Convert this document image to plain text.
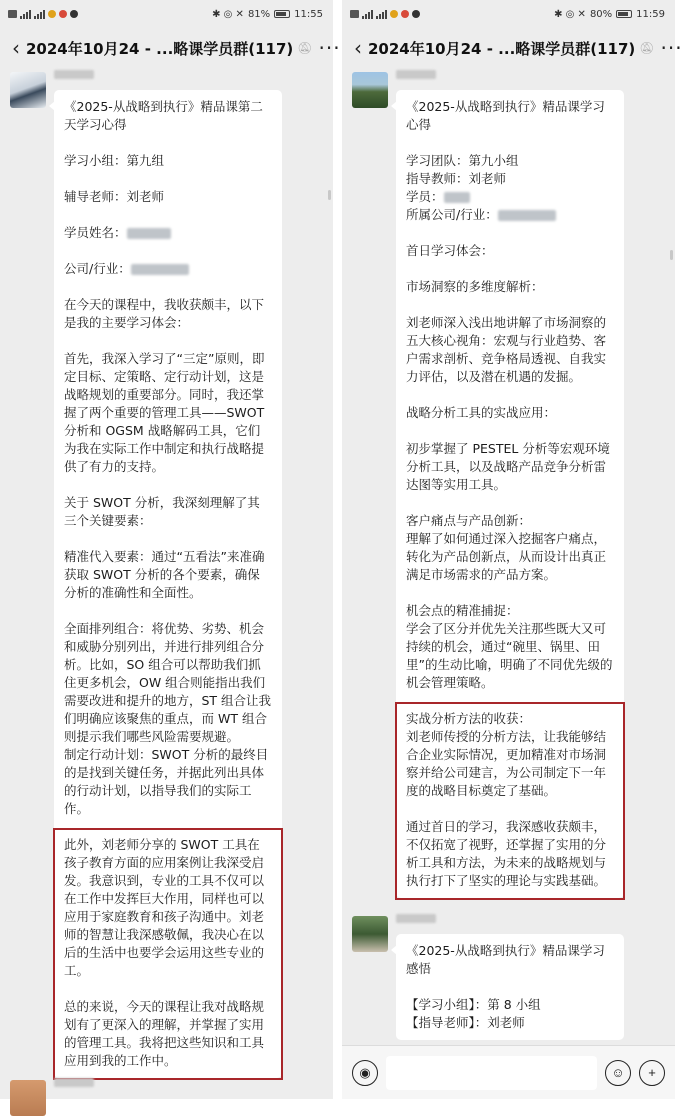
✱ ◎ ✕ 81% 11:55
‹ 2024年10月24 - ...略课学员群(117) 🔕︎ ···

《2025-从战略到执行》精品课第二天学习心得

学习小组：第九组

辅导老师：刘老师

学员姓名：

公司/行业：

在今天的课程中，我收获颇丰，以下是我的主要学习体会：

首先，我深入学习了“三定”原则，即定目标、定策略、定行动计划，这是战略规划的重要部分。同时，我还掌握了两个重要的管理工具——SWOT 分析和 OGSM 战略解码工具，它们为我在实际工作中制定和执行战略提供了有力的支持。

关于 SWOT 分析，我深刻理解了其三个关键要素：

精准代入要素：通过“五看法”来准确获取 SWOT 分析的各个要素，确保分析的准确性和全面性。

全面排列组合：将优势、劣势、机会和威胁分别列出，并进行排列组合分析。比如，SO 组合可以帮助我们抓住更多机会，OW 组合则能指出我们需要改进和提升的地方，ST 组合让我们明确应该聚焦的重点，而 WT 组合则提示我们哪些风险需要规避。

制定行动计划：SWOT 分析的最终目的是找到关键任务，并据此列出具体的行动计划，以指导我们的实际工作。

此外，刘老师分享的 SWOT 工具在孩子教育方面的应用案例让我深受启发。我意识到，专业的工具不仅可以在工作中发挥巨大作用，同样也可以应用于家庭教育和孩子沟通中。刘老师的智慧让我深感敬佩，我决心在以后的生活中也要学会运用这些专业的工。

总的来说，今天的课程让我对战略规划有了更深入的理解，并掌握了实用的管理工具。我将把这些知识和工具应用到我的工作中。

✱ ◎ ✕ 80% 11:59
‹ 2024年10月24 - ...略课学员群(117) 🔕︎ ···

《2025-从战略到执行》精品课学习心得

学习团队：第九小组

指导教师：刘老师

学员：

所属公司/行业：

首日学习体会：

市场洞察的多维度解析：

刘老师深入浅出地讲解了市场洞察的五大核心视角：宏观与行业趋势、客户需求剖析、竞争格局透视、自我实力评估，以及潜在机遇的发掘。

战略分析工具的实战应用：

初步掌握了 PESTEL 分析等宏观环境分析工具，以及战略产品竞争分析雷达图等实用工具。

客户痛点与产品创新：

理解了如何通过深入挖掘客户痛点，转化为产品创新点，从而设计出真正满足市场需求的产品方案。

机会点的精准捕捉：

学会了区分并优先关注那些既大又可持续的机会，通过“碗里、锅里、田里”的生动比喻，明确了不同优先级的机会管理策略。

实战分析方法的收获：

刘老师传授的分析方法，让我能够结合企业实际情况，更加精准对市场洞察并给公司建言，为公司制定下一年度的战略目标奠定了基础。

通过首日的学习，我深感收获颇丰，不仅拓宽了视野，还掌握了实用的分析工具和方法，为未来的战略规划与执行打下了坚实的理论与实践基础。

《2025-从战略到执行》精品课学习感悟

【学习小组】：第 8 小组

【指导老师】：刘老师

◉	☺	+
